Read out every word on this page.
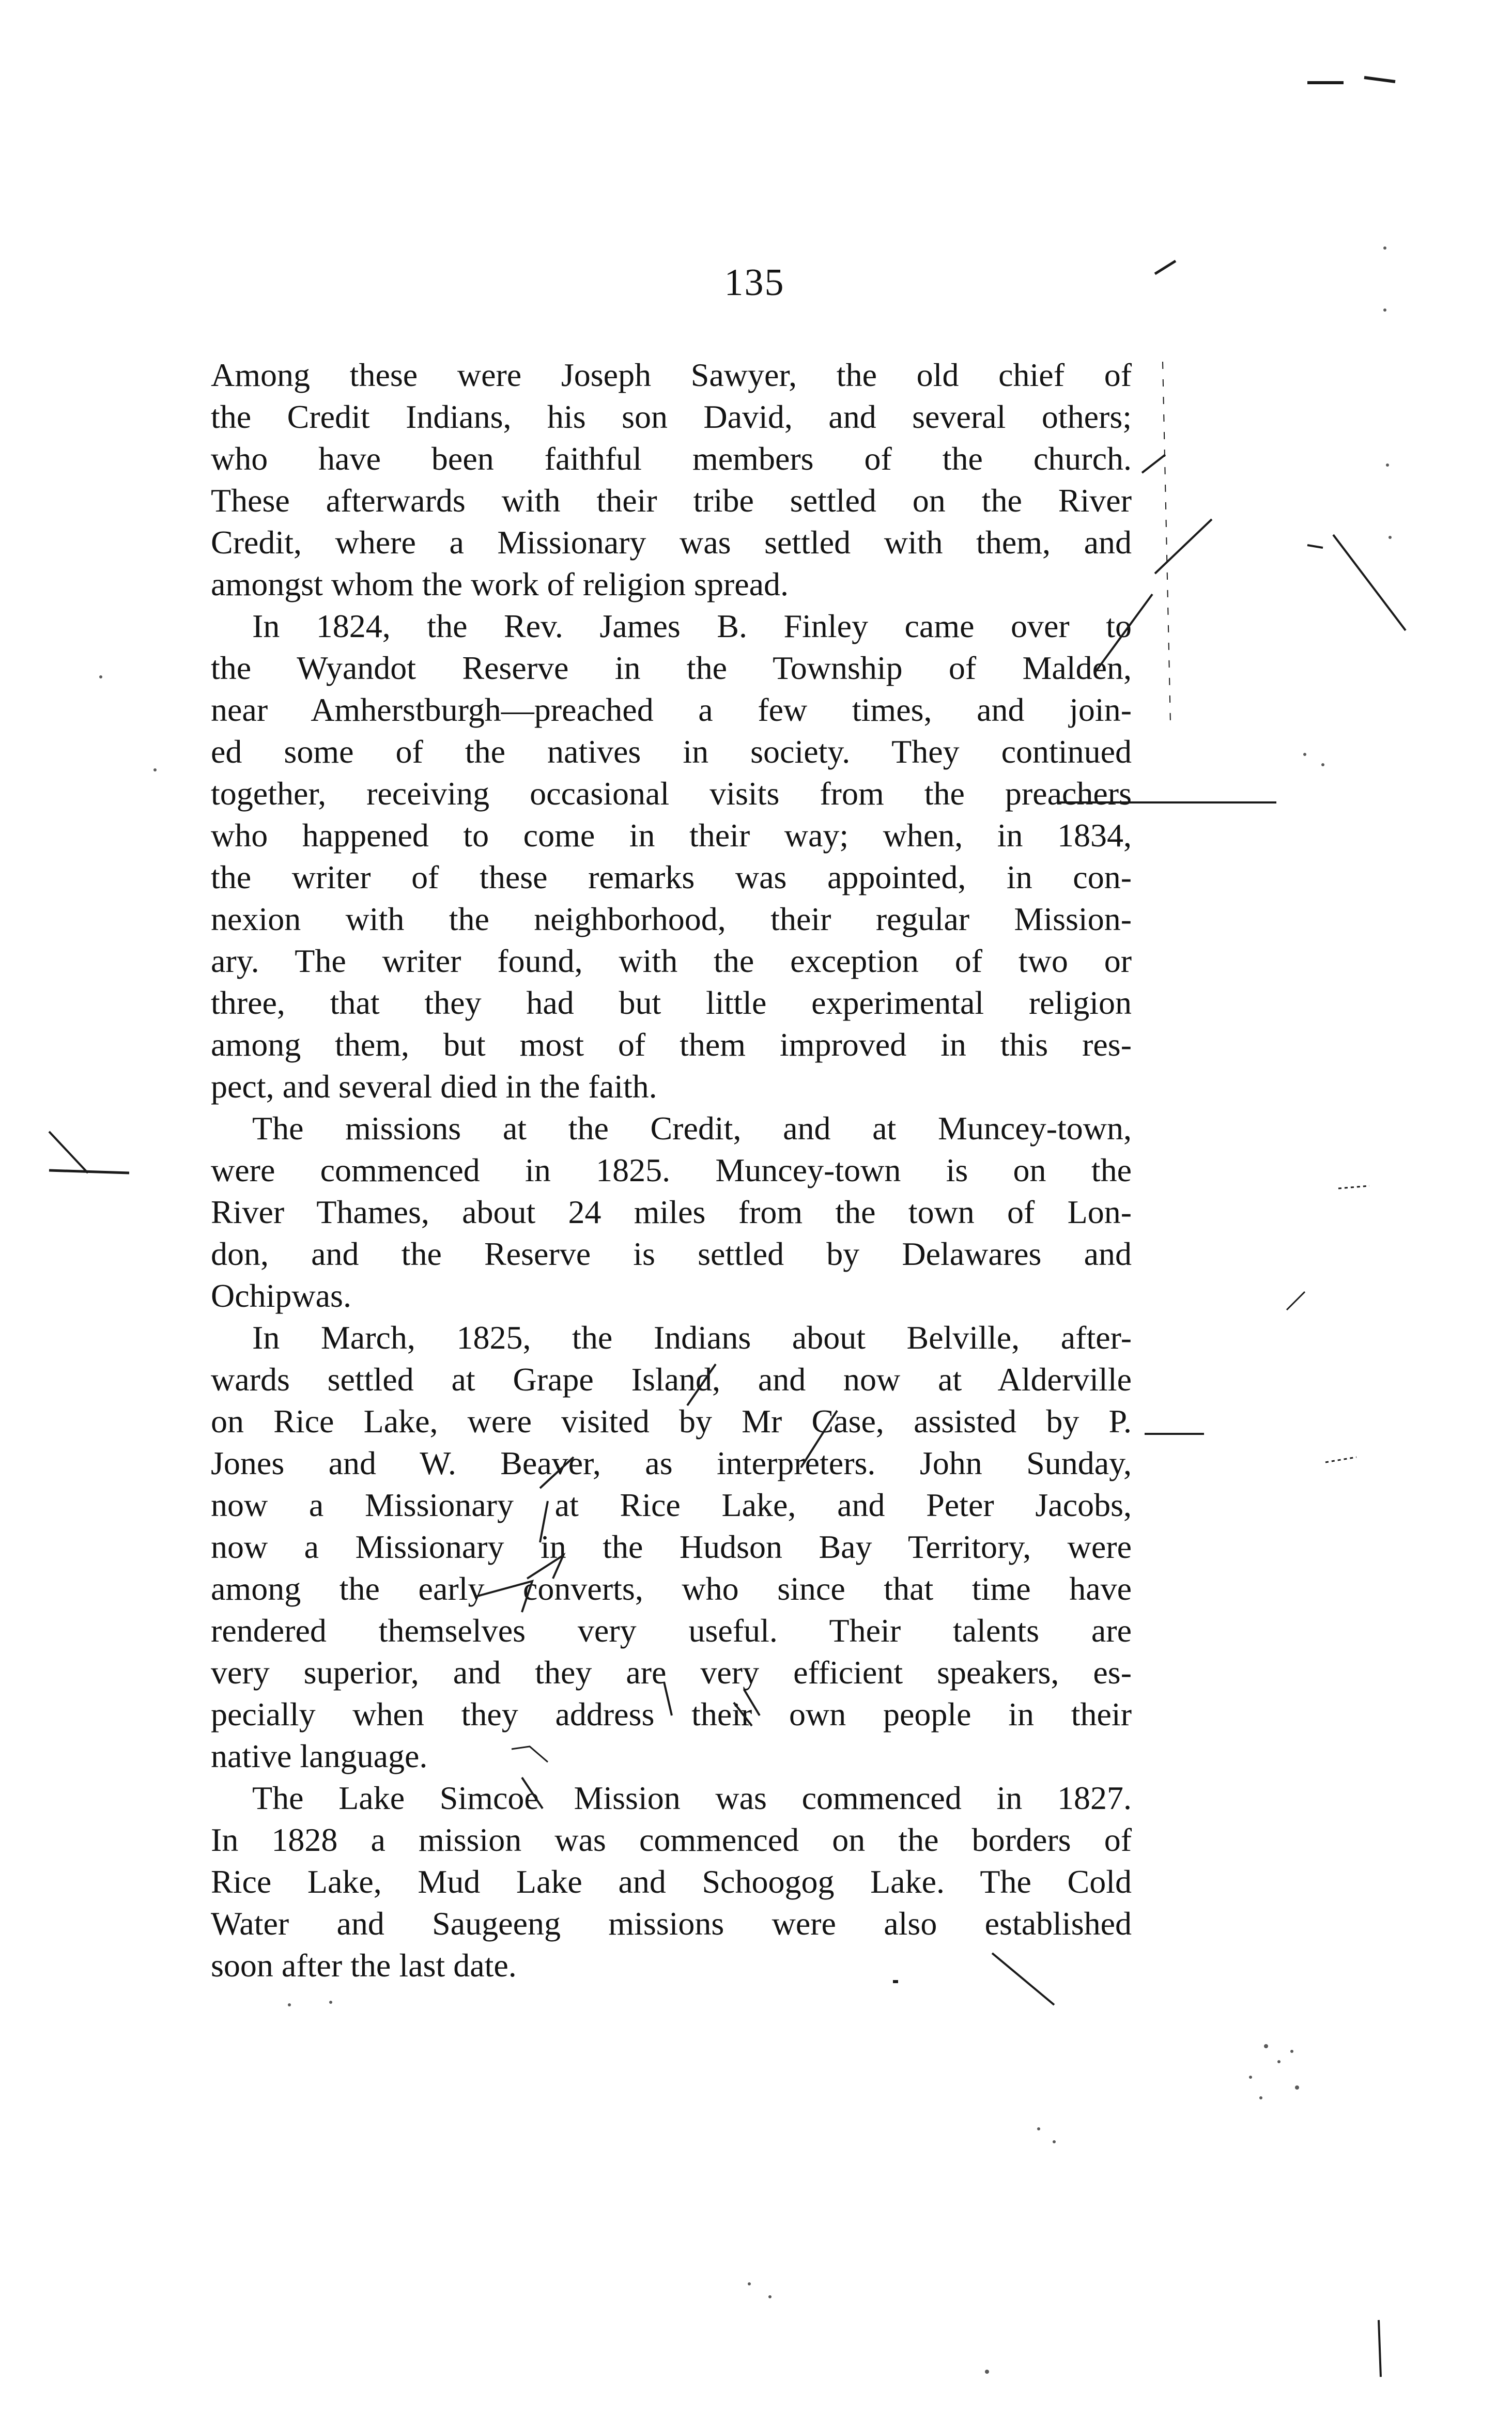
135
Among these were Joseph Sawyer, the old chief of
the Credit Indians, his son David, and several others;
who have been faithful members of the church.
These afterwards with their tribe settled on the River
Credit, where a Missionary was settled with them, and
amongst whom the work of religion spread.
In 1824, the Rev. James B. Finley came over to
the Wyandot Reserve in the Township of Malden,
near Amherstburgh—preached a few times, and join-
ed some of the natives in society. They continued
together, receiving occasional visits from the preachers
who happened to come in their way; when, in 1834,
the writer of these remarks was appointed, in con-
nexion with the neighborhood, their regular Mission-
ary. The writer found, with the exception of two or
three, that they had but little experimental religion
among them, but most of them improved in this res-
pect, and several died in the faith.
The missions at the Credit, and at Muncey-town,
were commenced in 1825. Muncey-town is on the
River Thames, about 24 miles from the town of Lon-
don, and the Reserve is settled by Delawares and
Ochipwas.
In March, 1825, the Indians about Belville, after-
wards settled at Grape Island, and now at Alderville
on Rice Lake, were visited by Mr Case, assisted by P.
Jones and W. Beaver, as interpreters. John Sunday,
now a Missionary at Rice Lake, and Peter Jacobs,
now a Missionary in the Hudson Bay Territory, were
among the early converts, who since that time have
rendered themselves very useful. Their talents are
very superior, and they are very efficient speakers, es-
pecially when they address their own people in their
native language.
The Lake Simcoe Mission was commenced in 1827.
In 1828 a mission was commenced on the borders of
Rice Lake, Mud Lake and Schoogog Lake. The Cold
Water and Saugeeng missions were also established
soon after the last date.
